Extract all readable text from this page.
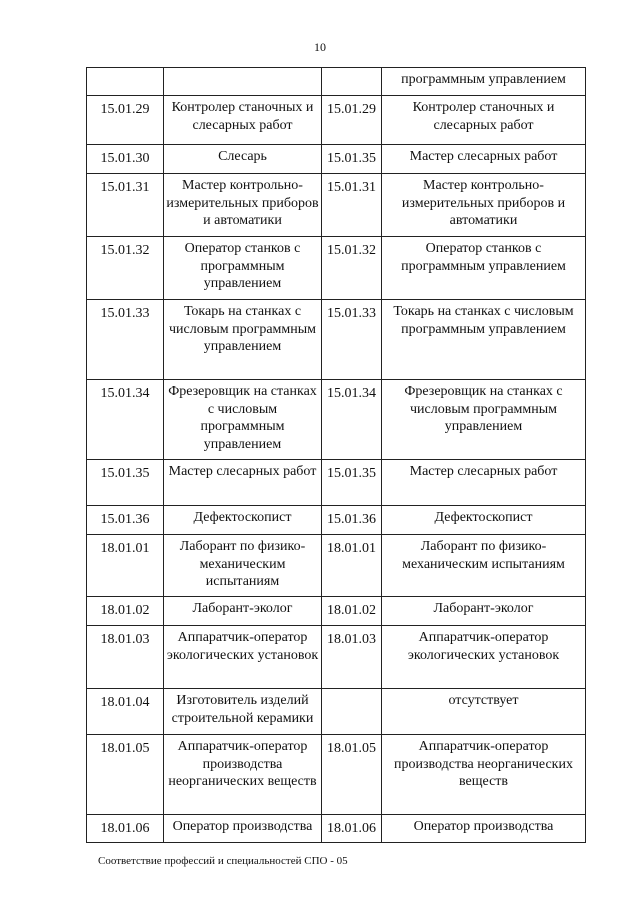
10
			программным управлением
15.01.29	Контролер станочных и слесарных работ	15.01.29	Контролер станочных и слесарных работ
15.01.30	Слесарь	15.01.35	Мастер слесарных работ
15.01.31	Мастер контрольно-измерительных приборов и автоматики	15.01.31	Мастер контрольно-измерительных приборов и автоматики
15.01.32	Оператор станков с программным управлением	15.01.32	Оператор станков с программным управлением
15.01.33	Токарь на станках с числовым программным управлением	15.01.33	Токарь на станках с числовым программным управлением
15.01.34	Фрезеровщик на станках с числовым программным управлением	15.01.34	Фрезеровщик на станках с числовым программным управлением
15.01.35	Мастер слесарных работ	15.01.35	Мастер слесарных работ
15.01.36	Дефектоскопист	15.01.36	Дефектоскопист
18.01.01	Лаборант по физико-механическим испытаниям	18.01.01	Лаборант по физико-механическим испытаниям
18.01.02	Лаборант-эколог	18.01.02	Лаборант-эколог
18.01.03	Аппаратчик-оператор экологических установок	18.01.03	Аппаратчик-оператор экологических установок
18.01.04	Изготовитель изделий строительной керамики		отсутствует
18.01.05	Аппаратчик-оператор производства неорганических веществ	18.01.05	Аппаратчик-оператор производства неорганических веществ
18.01.06	Оператор производства	18.01.06	Оператор производства
Соответствие профессий и специальностей СПО - 05
